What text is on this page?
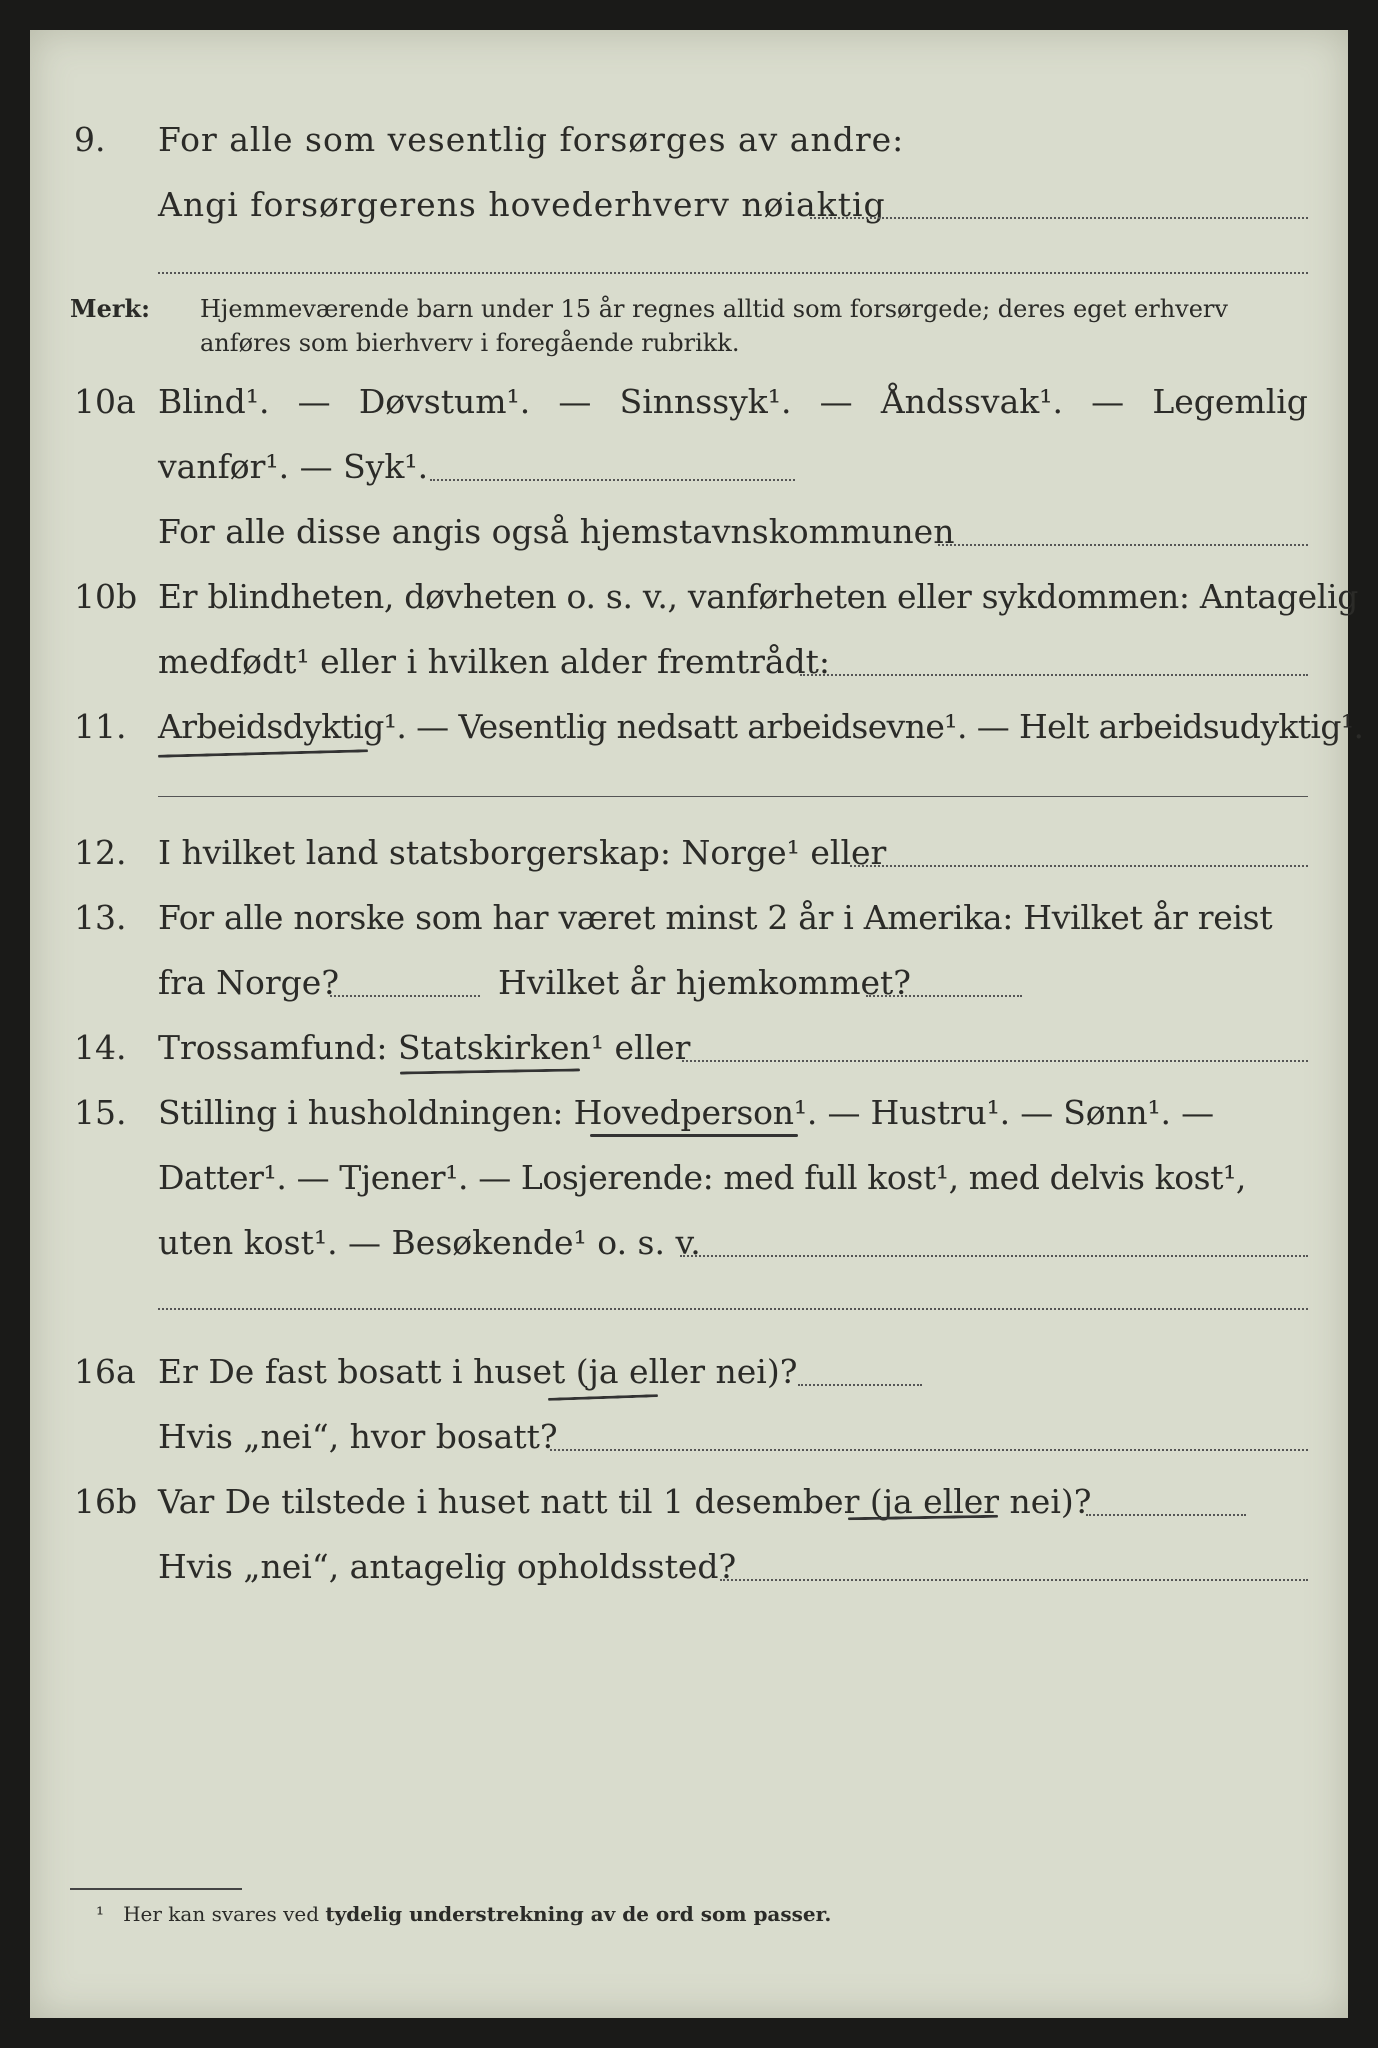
9. For alle som vesentlig forsørges av andre:
Angi forsørgerens hovederhverv nøiaktig
Merk: Hjemmeværende barn under 15 år regnes alltid som forsørgede; deres eget erhverv anføres som bierhverv i foregående rubrikk.
10a Blind¹. — Døvstum¹. — Sinnssyk¹. — Åndssvak¹. — Legemlig
vanfør¹. — Syk¹.
For alle disse angis også hjemstavnskommunen
10b Er blindheten, døvheten o. s. v., vanførheten eller sykdommen: Antagelig
medfødt¹ eller i hvilken alder fremtrådt:
11. Arbeidsdyktig¹. — Vesentlig nedsatt arbeidsevne¹. — Helt arbeidsudyktig¹.
12. I hvilket land statsborgerskap: Norge¹ eller
13. For alle norske som har været minst 2 år i Amerika: Hvilket år reist
fra Norge?	Hvilket år hjemkommet?
14. Trossamfund: Statskirken¹ eller
15. Stilling i husholdningen: Hovedperson¹. — Hustru¹. — Sønn¹. —
Datter¹. — Tjener¹. — Losjerende: med full kost¹, med delvis kost¹,
uten kost¹. — Besøkende¹ o. s. v.
16a Er De fast bosatt i huset (ja eller nei)?
Hvis „nei“, hvor bosatt?
16b Var De tilstede i huset natt til 1 desember (ja eller nei)?
Hvis „nei“, antagelig opholdssted?
¹ Her kan svares ved tydelig understrekning av de ord som passer.
